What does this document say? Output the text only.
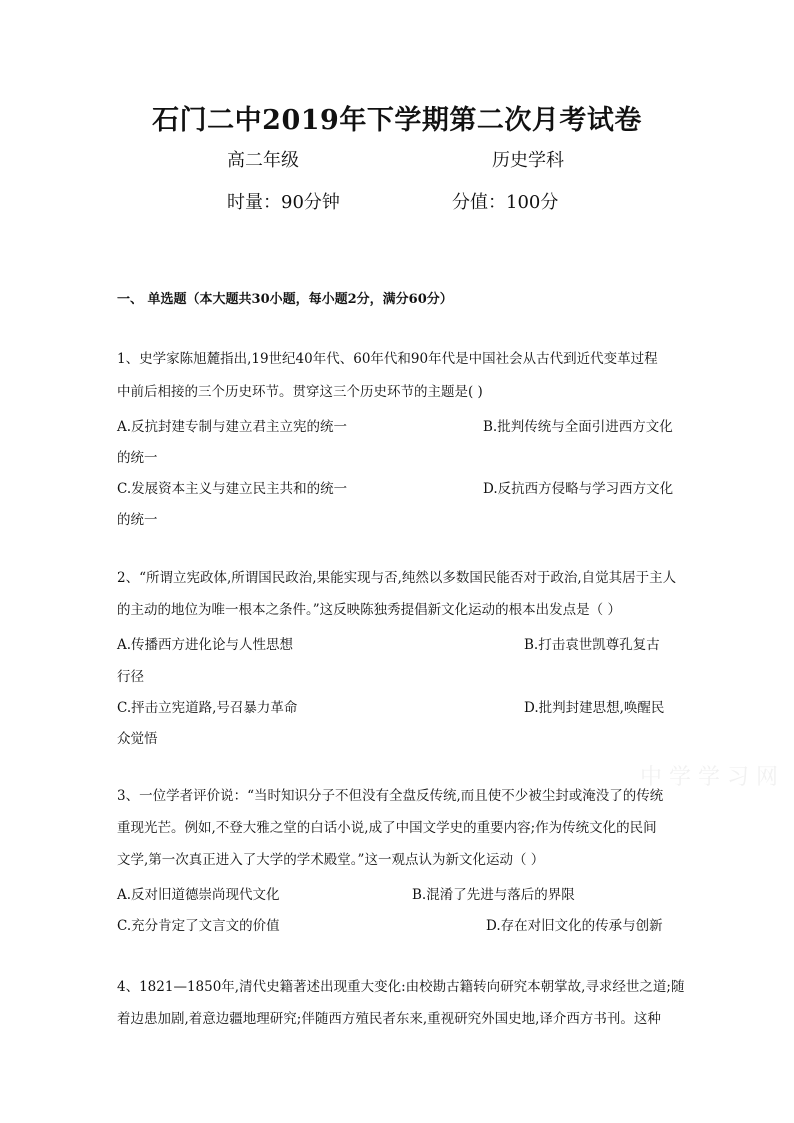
石门二中2019年下学期第二次月考试卷
高二年级	历史学科
时量：90分钟	分值：100分
一、 单选题（本大题共30小题，每小题2分，满分60分）
1、史学家陈旭麓指出,19世纪40年代、60年代和90年代是中国社会从古代到近代变革过程
中前后相接的三个历史环节。贯穿这三个历史环节的主题是( )
A.反抗封建专制与建立君主立宪的统一	B.批判传统与全面引进西方文化
的统一
C.发展资本主义与建立民主共和的统一	D.反抗西方侵略与学习西方文化
的统一
2、“所谓立宪政体,所谓国民政治,果能实现与否,纯然以多数国民能否对于政治,自觉其居于主人
的主动的地位为唯一根本之条件。”这反映陈独秀提倡新文化运动的根本出发点是（ ）
A.传播西方进化论与人性思想	B.打击袁世凯尊孔复古
行径
C.抨击立宪道路,号召暴力革命	D.批判封建思想,唤醒民
众觉悟
3、一位学者评价说：“当时知识分子不但没有全盘反传统,而且使不少被尘封或淹没了的传统
重现光芒。例如,不登大雅之堂的白话小说,成了中国文学史的重要内容;作为传统文化的民间
文学,第一次真正进入了大学的学术殿堂。”这一观点认为新文化运动（ ）
A.反对旧道德崇尚现代文化	B.混淆了先进与落后的界限
C.充分肯定了文言文的价值	D.存在对旧文化的传承与创新
4、1821—1850年,清代史籍著述出现重大变化:由校勘古籍转向研究本朝掌故,寻求经世之道;随
着边患加剧,着意边疆地理研究;伴随西方殖民者东来,重视研究外国史地,译介西方书刊。这种
中 学 学 习 网
